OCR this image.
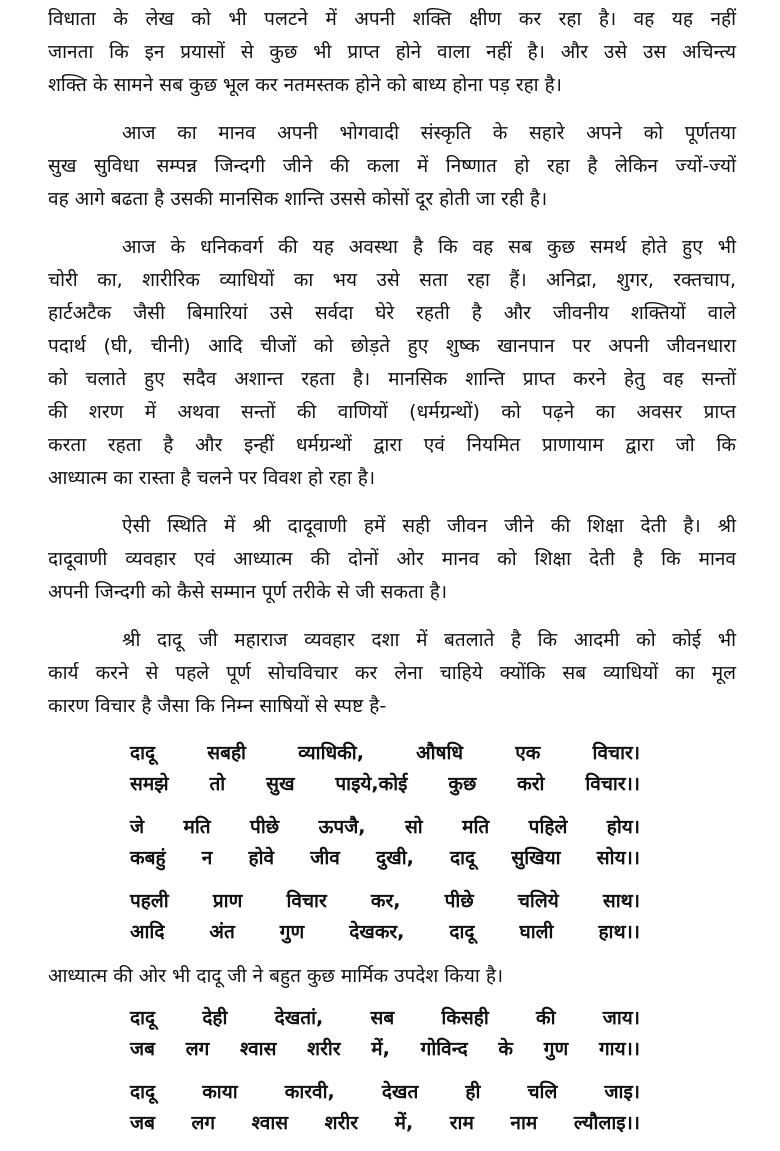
विधाता के लेख को भी पलटने में अपनी शक्ति क्षीण कर रहा है। वह यह नहीं
जानता कि इन प्रयासों से कुछ भी प्राप्त होने वाला नहीं है। और उसे उस अचिन्त्य
शक्ति के सामने सब कुछ भूल कर नतमस्तक होने को बाध्य होना पड़ रहा है।
आज का मानव अपनी भोगवादी संस्कृति के सहारे अपने को पूर्णतया
सुख सुविधा सम्पन्न जिन्दगी जीने की कला में निष्णात हो रहा है लेकिन ज्यों-ज्यों
वह आगे बढता है उसकी मानसिक शान्ति उससे कोसों दूर होती जा रही है।
आज के धनिकवर्ग की यह अवस्था है कि वह सब कुछ समर्थ होते हुए भी
चोरी का, शारीरिक व्याधियों का भय उसे सता रहा हैं। अनिद्रा, शुगर, रक्तचाप,
हार्टअटैक जैसी बिमारियां उसे सर्वदा घेरे रहती है और जीवनीय शक्तियों वाले
पदार्थ (घी, चीनी) आदि चीजों को छोड़ते हुए शुष्क खानपान पर अपनी जीवनधारा
को चलाते हुए सदैव अशान्त रहता है। मानसिक शान्ति प्राप्त करने हेतु वह सन्तों
की शरण में अथवा सन्तों की वाणियों (धर्मग्रन्थों) को पढ़ने का अवसर प्राप्त
करता रहता है और इन्हीं धर्मग्रन्थों द्वारा एवं नियमित प्राणायाम द्वारा जो कि
आध्यात्म का रास्ता है चलने पर विवश हो रहा है।
ऐसी स्थिति में श्री दादूवाणी हमें सही जीवन जीने की शिक्षा देती है। श्री
दादूवाणी व्यवहार एवं आध्यात्म की दोनों ओर मानव को शिक्षा देती है कि मानव
अपनी जिन्दगी को कैसे सम्मान पूर्ण तरीके से जी सकता है।
श्री दादू जी महाराज व्यवहार दशा में बतलाते है कि आदमी को कोई भी
कार्य करने से पहले पूर्ण सोचविचार कर लेना चाहिये क्योंकि सब व्याधियों का मूल
कारण विचार है जैसा कि निम्न साषियों से स्पष्ट है-
दादू सबही व्याधिकी, औषधि एक विचार।
समझे तो सुख पाइये,कोई कुछ करो विचार।।
जे मति पीछे ऊपजै, सो मति पहिले होय।
कबहुं न होवे जीव दुखी, दादू सुखिया सोय।।
पहली प्राण विचार कर, पीछे चलिये साथ।
आदि अंत गुण देखकर, दादू घाली हाथ।।
आध्यात्म की ओर भी दादू जी ने बहुत कुछ मार्मिक उपदेश किया है।
दादू देही देखतां, सब किसही की जाय।
जब लग श्वास शरीर में, गोविन्द के गुण गाय।।
दादू काया कारवी, देखत ही चलि जाइ।
जब लग श्वास शरीर में, राम नाम ल्यौलाइ।।
